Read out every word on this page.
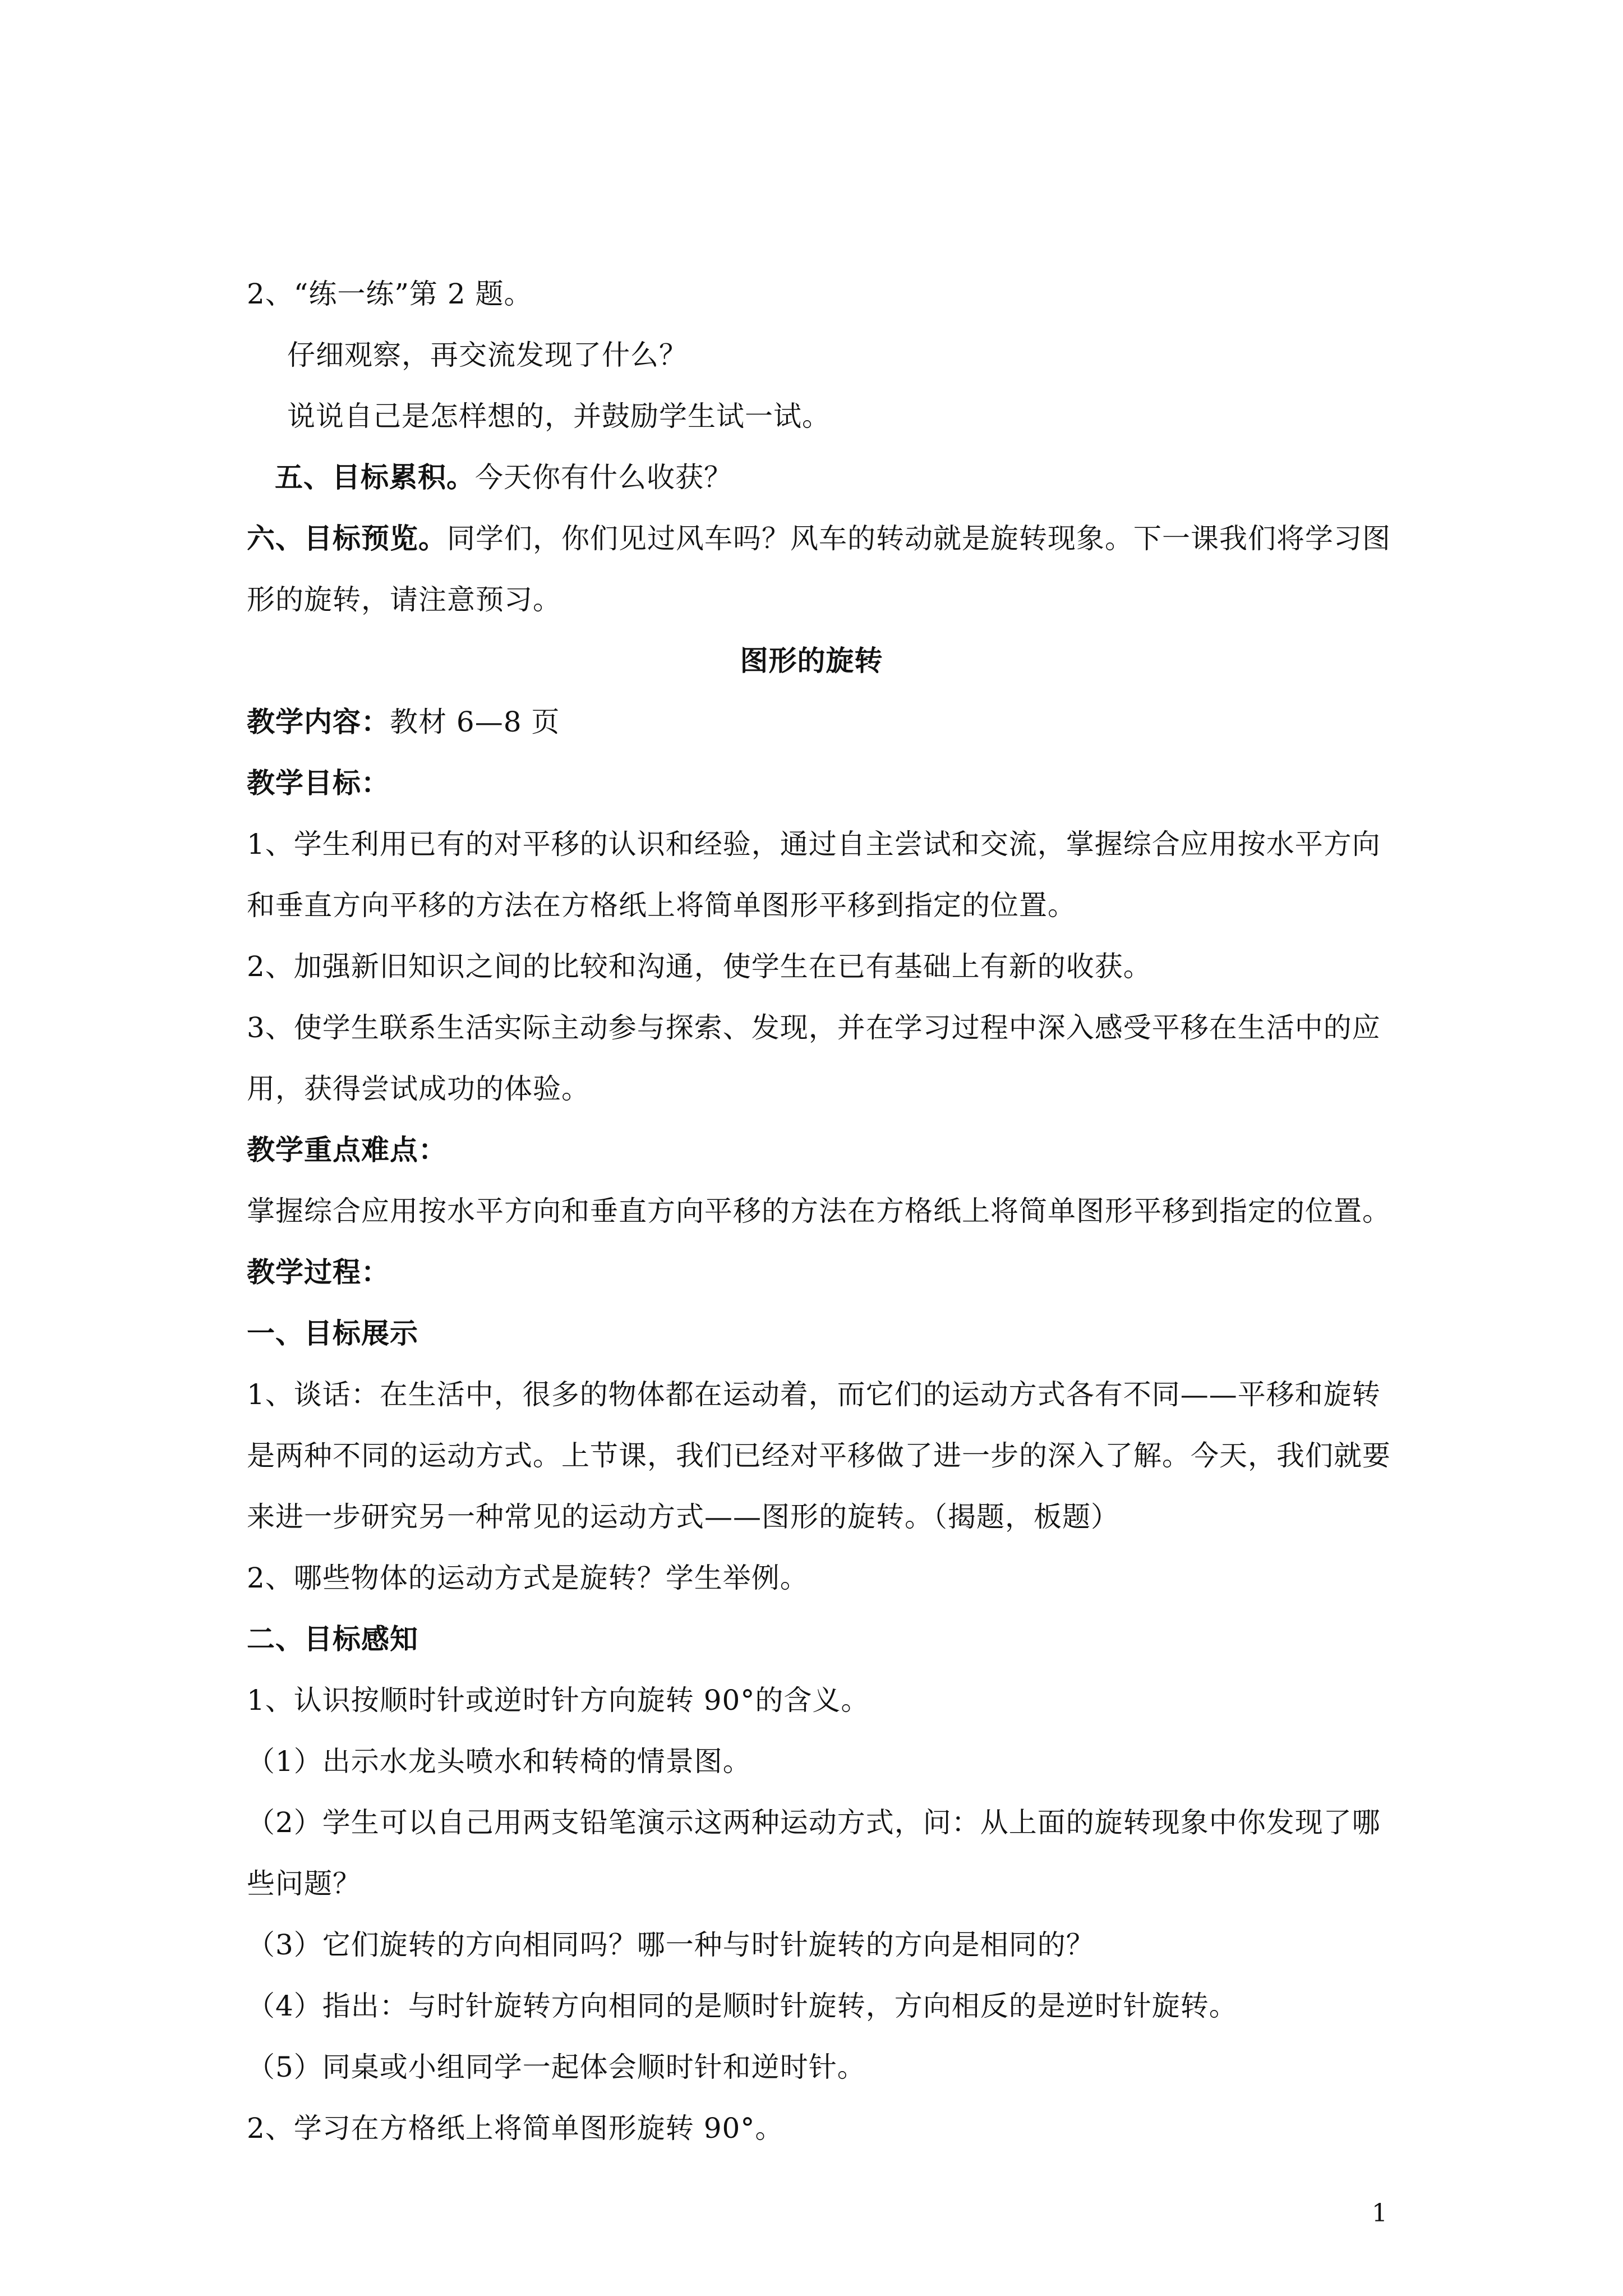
2、“练一练”第 2 题。
仔细观察，再交流发现了什么？
说说自己是怎样想的，并鼓励学生试一试。
五、目标累积。今天你有什么收获？
六、目标预览。同学们，你们见过风车吗？风车的转动就是旋转现象。下一课我们将学习图
形的旋转，请注意预习。
图形的旋转
教学内容：教材 6—8 页
教学目标：
1、学生利用已有的对平移的认识和经验，通过自主尝试和交流，掌握综合应用按水平方向
和垂直方向平移的方法在方格纸上将简单图形平移到指定的位置。
2、加强新旧知识之间的比较和沟通，使学生在已有基础上有新的收获。
3、使学生联系生活实际主动参与探索、发现，并在学习过程中深入感受平移在生活中的应
用，获得尝试成功的体验。
教学重点难点：
掌握综合应用按水平方向和垂直方向平移的方法在方格纸上将简单图形平移到指定的位置。
教学过程：
一、目标展示
1、谈话：在生活中，很多的物体都在运动着，而它们的运动方式各有不同——平移和旋转
是两种不同的运动方式。上节课，我们已经对平移做了进一步的深入了解。今天，我们就要
来进一步研究另一种常见的运动方式——图形的旋转。（揭题，板题）
2、哪些物体的运动方式是旋转？学生举例。
二、目标感知
1、认识按顺时针或逆时针方向旋转 90°的含义。
（1）出示水龙头喷水和转椅的情景图。
（2）学生可以自己用两支铅笔演示这两种运动方式，问：从上面的旋转现象中你发现了哪
些问题？
（3）它们旋转的方向相同吗？哪一种与时针旋转的方向是相同的？
（4）指出：与时针旋转方向相同的是顺时针旋转，方向相反的是逆时针旋转。
（5）同桌或小组同学一起体会顺时针和逆时针。
2、学习在方格纸上将简单图形旋转 90°。
1
